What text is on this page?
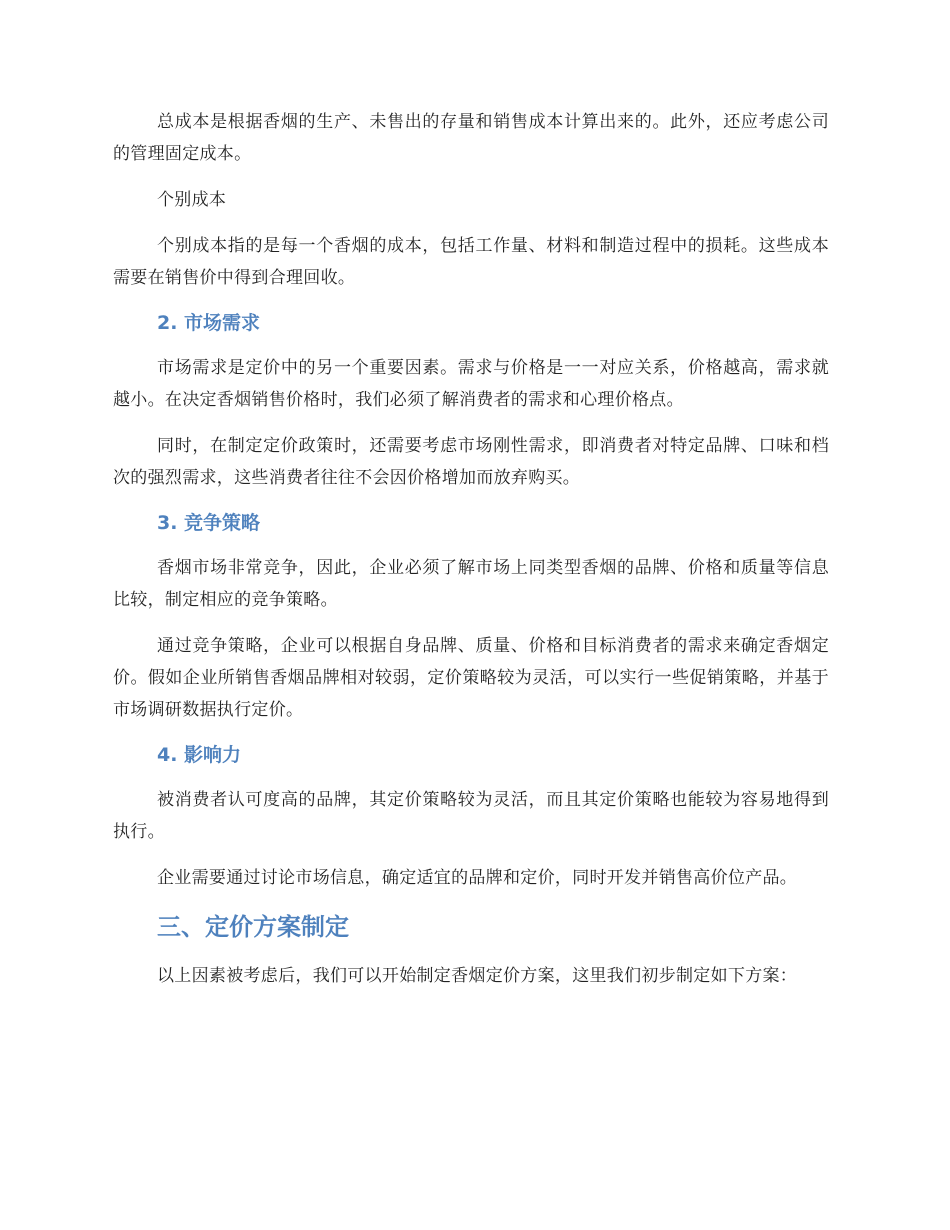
总成本是根据香烟的生产、未售出的存量和销售成本计算出来的。此外，还应考虑公司的管理固定成本。

个别成本

个别成本指的是每一个香烟的成本，包括工作量、材料和制造过程中的损耗。这些成本需要在销售价中得到合理回收。

2. 市场需求

市场需求是定价中的另一个重要因素。需求与价格是一一对应关系，价格越高，需求就越小。在决定香烟销售价格时，我们必须了解消费者的需求和心理价格点。

同时，在制定定价政策时，还需要考虑市场刚性需求，即消费者对特定品牌、口味和档次的强烈需求，这些消费者往往不会因价格增加而放弃购买。

3. 竞争策略

香烟市场非常竞争，因此，企业必须了解市场上同类型香烟的品牌、价格和质量等信息比较，制定相应的竞争策略。

通过竞争策略，企业可以根据自身品牌、质量、价格和目标消费者的需求来确定香烟定价。假如企业所销售香烟品牌相对较弱，定价策略较为灵活，可以实行一些促销策略，并基于市场调研数据执行定价。

4. 影响力

被消费者认可度高的品牌，其定价策略较为灵活，而且其定价策略也能较为容易地得到执行。

企业需要通过讨论市场信息，确定适宜的品牌和定价，同时开发并销售高价位产品。

三、定价方案制定

以上因素被考虑后，我们可以开始制定香烟定价方案，这里我们初步制定如下方案：
